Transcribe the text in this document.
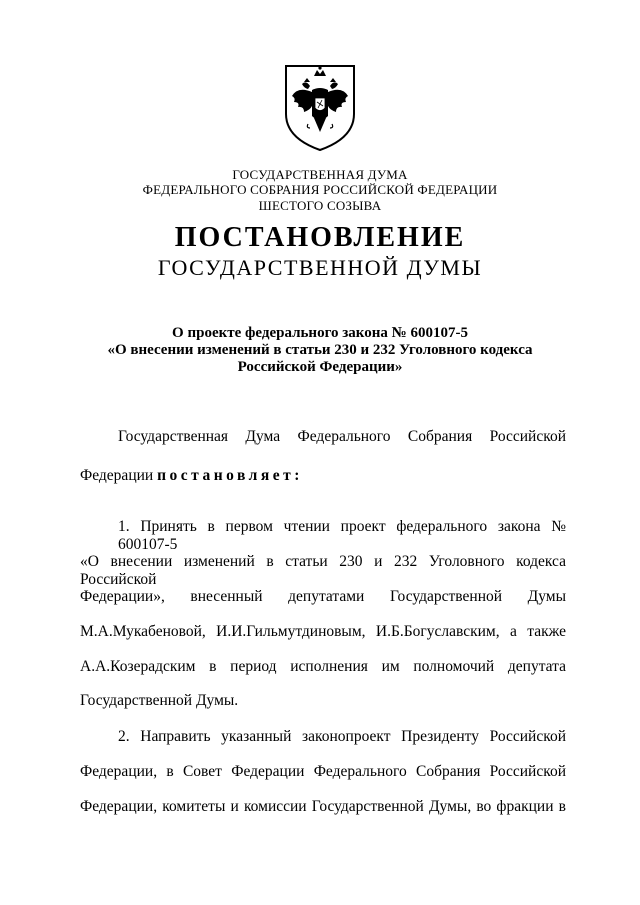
ГОСУДАРСТВЕННАЯ ДУМА
ФЕДЕРАЛЬНОГО СОБРАНИЯ РОССИЙСКОЙ ФЕДЕРАЦИИ
ШЕСТОГО СОЗЫВА
ПОСТАНОВЛЕНИЕ
ГОСУДАРСТВЕННОЙ ДУМЫ
О проекте федерального закона № 600107-5
«О внесении изменений в статьи 230 и 232 Уголовного кодекса
Российской Федерации»
Государственная Дума Федерального Собрания Российской
Федерации постановляет:
1. Принять в первом чтении проект федерального закона № 600107-5
«О внесении изменений в статьи 230 и 232 Уголовного кодекса Российской
Федерации», внесенный депутатами Государственной Думы
М.А.Мукабеновой, И.И.Гильмутдиновым, И.Б.Богуславским, а также
А.А.Козерадским в период исполнения им полномочий депутата
Государственной Думы.
2. Направить указанный законопроект Президенту Российской
Федерации, в Совет Федерации Федерального Собрания Российской
Федерации, комитеты и комиссии Государственной Думы, во фракции в
